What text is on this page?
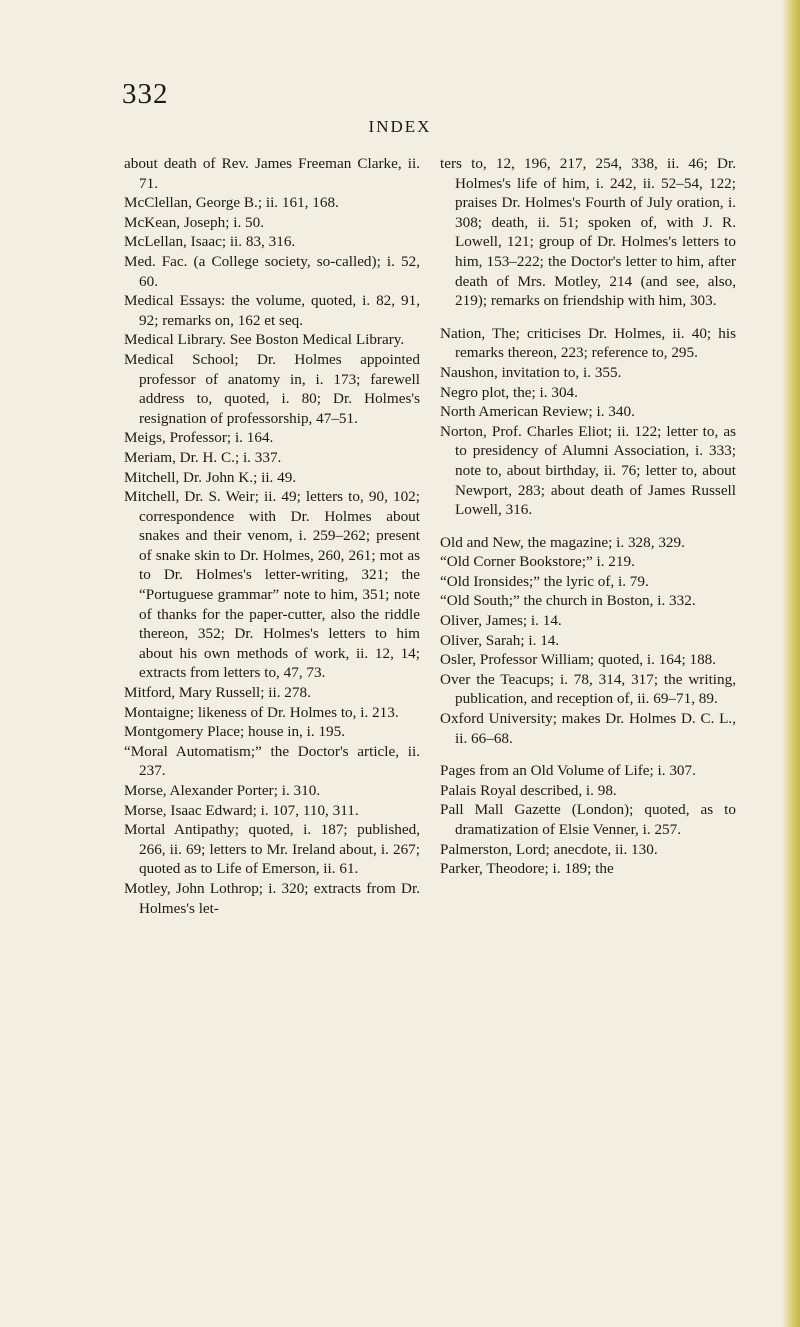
332
INDEX
about death of Rev. James Freeman Clarke, ii. 71.
McClellan, George B.; ii. 161, 168.
McKean, Joseph; i. 50.
McLellan, Isaac; ii. 83, 316.
Med. Fac. (a College society, so-called); i. 52, 60.
Medical Essays: the volume, quoted, i. 82, 91, 92; remarks on, 162 et seq.
Medical Library. See Boston Medical Library.
Medical School; Dr. Holmes appointed professor of anatomy in, i. 173; farewell address to, quoted, i. 80; Dr. Holmes's resignation of professorship, 47–51.
Meigs, Professor; i. 164.
Meriam, Dr. H. C.; i. 337.
Mitchell, Dr. John K.; ii. 49.
Mitchell, Dr. S. Weir; ii. 49; letters to, 90, 102; correspondence with Dr. Holmes about snakes and their venom, i. 259–262; present of snake skin to Dr. Holmes, 260, 261; mot as to Dr. Holmes's letter-writing, 321; the “Portuguese grammar” note to him, 351; note of thanks for the paper-cutter, also the riddle thereon, 352; Dr. Holmes's letters to him about his own methods of work, ii. 12, 14; extracts from letters to, 47, 73.
Mitford, Mary Russell; ii. 278.
Montaigne; likeness of Dr. Holmes to, i. 213.
Montgomery Place; house in, i. 195.
“Moral Automatism;” the Doctor's article, ii. 237.
Morse, Alexander Porter; i. 310.
Morse, Isaac Edward; i. 107, 110, 311.
Mortal Antipathy; quoted, i. 187; published, 266, ii. 69; letters to Mr. Ireland about, i. 267; quoted as to Life of Emerson, ii. 61.
Motley, John Lothrop; i. 320; extracts from Dr. Holmes's let-
ters to, 12, 196, 217, 254, 338, ii. 46; Dr. Holmes's life of him, i. 242, ii. 52–54, 122; praises Dr. Holmes's Fourth of July oration, i. 308; death, ii. 51; spoken of, with J. R. Lowell, 121; group of Dr. Holmes's letters to him, 153–222; the Doctor's letter to him, after death of Mrs. Motley, 214 (and see, also, 219); remarks on friendship with him, 303.
Nation, The; criticises Dr. Holmes, ii. 40; his remarks thereon, 223; reference to, 295.
Naushon, invitation to, i. 355.
Negro plot, the; i. 304.
North American Review; i. 340.
Norton, Prof. Charles Eliot; ii. 122; letter to, as to presidency of Alumni Association, i. 333; note to, about birthday, ii. 76; letter to, about Newport, 283; about death of James Russell Lowell, 316.
Old and New, the magazine; i. 328, 329.
“Old Corner Bookstore;” i. 219.
“Old Ironsides;” the lyric of, i. 79.
“Old South;” the church in Boston, i. 332.
Oliver, James; i. 14.
Oliver, Sarah; i. 14.
Osler, Professor William; quoted, i. 164; 188.
Over the Teacups; i. 78, 314, 317; the writing, publication, and reception of, ii. 69–71, 89.
Oxford University; makes Dr. Holmes D. C. L., ii. 66–68.
Pages from an Old Volume of Life; i. 307.
Palais Royal described, i. 98.
Pall Mall Gazette (London); quoted, as to dramatization of Elsie Venner, i. 257.
Palmerston, Lord; anecdote, ii. 130.
Parker, Theodore; i. 189; the
